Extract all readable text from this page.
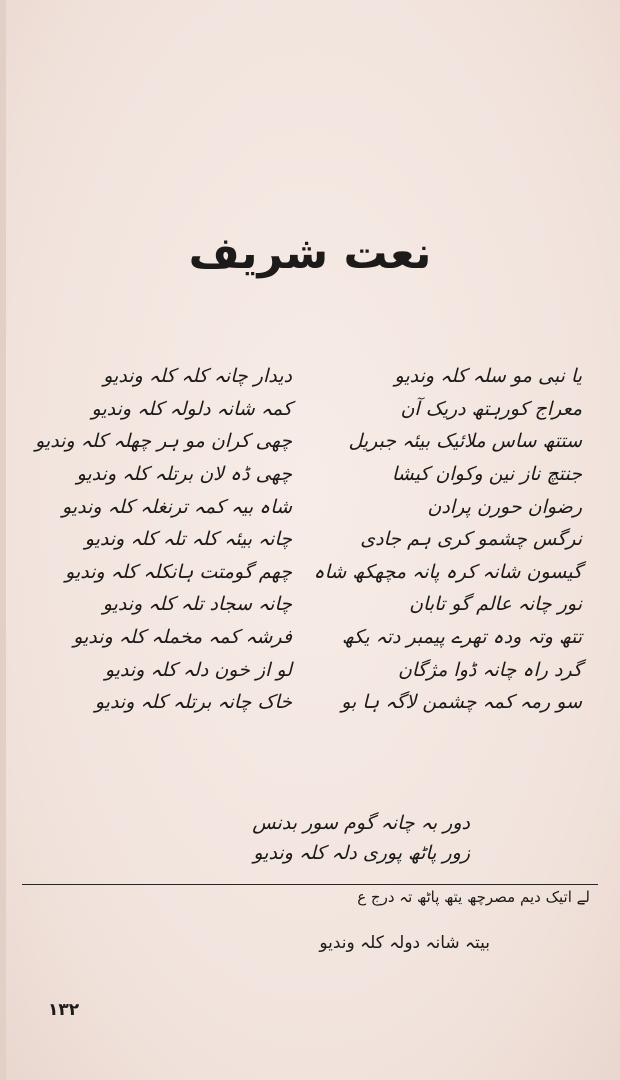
نعت شریف
یا نبی مو سلہ کلہ وندیو
دیدار چانہ کلہ کلہ وندیو
معراج کورہتھ دریک آن
کمہ شانہ دلولہ کلہ وندیو
ستتھ ساس ملائیک بیئہ جبریل
چھی کران مو ہر چھلہ کلہ وندیو
جنتچ ناز نین وکوان کیشا
چھی ڈہ لان برتلہ کلہ وندیو
رضوان حورن پرادن
شاہ بیہ کمہ ترنغلہ کلہ وندیو
نرگس چشمو کری ہم جادی
چانہ بیئہ کلہ تلہ کلہ وندیو
گیسون شانہ کرہ پانہ مچھکھ شاہ
چھم گومتت ہانکلہ کلہ وندیو
نور چانہ عالم گو تابان
چانہ سجاد تلہ کلہ وندیو
تتھ وتہ ودہ تھرے پیمبر دتہ یکھ
فرشہ کمہ مخملہ کلہ وندیو
گرد راہ چانہ ڈوا مژگان
لو از خون دلہ کلہ وندیو
سو رمہ کمہ چشمن لاگہ ہا بو
خاک چانہ برتلہ کلہ وندیو
دور بہ چانہ گوم سور بدنس
زور پاٹھ پوری دلہ کلہ وندیو
لے اتیک دیم مصرچھ یتھ پاٹھ تہ درج ع
بیتہ شانہ دولہ کلہ وندیو
۱۳۲
